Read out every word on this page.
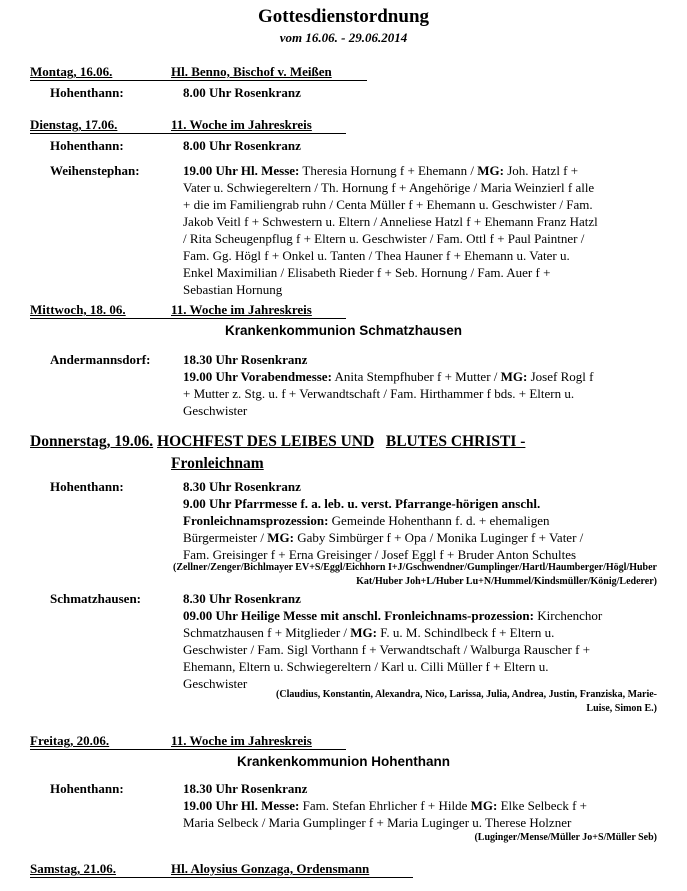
Gottesdienstordnung
vom 16.06. - 29.06.2014
Montag, 16.06.	Hl. Benno, Bischof v. Meißen
Hohenthann:	8.00 Uhr Rosenkranz
Dienstag, 17.06.	11. Woche im Jahreskreis
Hohenthann:	8.00 Uhr Rosenkranz
Weihenstephan:	19.00 Uhr Hl. Messe: Theresia Hornung f + Ehemann / MG: Joh. Hatzl f +
Vater u. Schwiegereltern / Th. Hornung f + Angehörige / Maria Weinzierl f alle
+ die im Familiengrab ruhn / Centa Müller f + Ehemann u. Geschwister / Fam.
Jakob Veitl f + Schwestern u. Eltern / Anneliese Hatzl f + Ehemann Franz Hatzl
/ Rita Scheugenpflug f + Eltern u. Geschwister / Fam. Ottl f + Paul Paintner /
Fam. Gg. Högl f + Onkel u. Tanten / Thea Hauner f + Ehemann u. Vater u.
Enkel Maximilian / Elisabeth Rieder f + Seb. Hornung / Fam. Auer f +
Sebastian Hornung
Mittwoch, 18. 06.	11. Woche im Jahreskreis
Krankenkommunion Schmatzhausen
Andermannsdorf:	18.30 Uhr Rosenkranz
19.00 Uhr Vorabendmesse: Anita Stempfhuber f + Mutter / MG: Josef Rogl f
+ Mutter z. Stg. u. f + Verwandtschaft / Fam. Hirthammer f bds. + Eltern u.
Geschwister
Donnerstag, 19.06. HOCHFEST DES LEIBES UND BLUTES CHRISTI -
Fronleichnam
Hohenthann:	8.30 Uhr Rosenkranz
9.00 Uhr Pfarrmesse f. a. leb. u. verst. Pfarrange-hörigen anschl.
Fronleichnamsprozession: Gemeinde Hohenthann f. d. + ehemaligen
Bürgermeister / MG: Gaby Simbürger f + Opa / Monika Luginger f + Vater /
Fam. Greisinger f + Erna Greisinger / Josef Eggl f + Bruder Anton Schultes
(Zellner/Zenger/Bichlmayer EV+S/Eggl/Eichhorn I+J/Gschwendner/Gumplinger/Hartl/Haumberger/Högl/Huber
Kat/Huber Joh+L/Huber Lu+N/Hummel/Kindsmüller/König/Lederer)
Schmatzhausen:	8.30 Uhr Rosenkranz
09.00 Uhr Heilige Messe mit anschl. Fronleichnams-prozession: Kirchenchor
Schmatzhausen f + Mitglieder / MG: F. u. M. Schindlbeck f + Eltern u.
Geschwister / Fam. Sigl Vorthann f + Verwandtschaft / Walburga Rauscher f +
Ehemann, Eltern u. Schwiegereltern / Karl u. Cilli Müller f + Eltern u.
Geschwister
(Claudius, Konstantin, Alexandra, Nico, Larissa, Julia, Andrea, Justin, Franziska, Marie-
Luise, Simon E.)
Freitag, 20.06.	11. Woche im Jahreskreis
Krankenkommunion Hohenthann
Hohenthann:	18.30 Uhr Rosenkranz
19.00 Uhr Hl. Messe: Fam. Stefan Ehrlicher f + Hilde MG: Elke Selbeck f +
Maria Selbeck / Maria Gumplinger f + Maria Luginger u. Therese Holzner
(Luginger/Mense/Müller Jo+S/Müller Seb)
Samstag, 21.06.	Hl. Aloysius Gonzaga, Ordensmann
